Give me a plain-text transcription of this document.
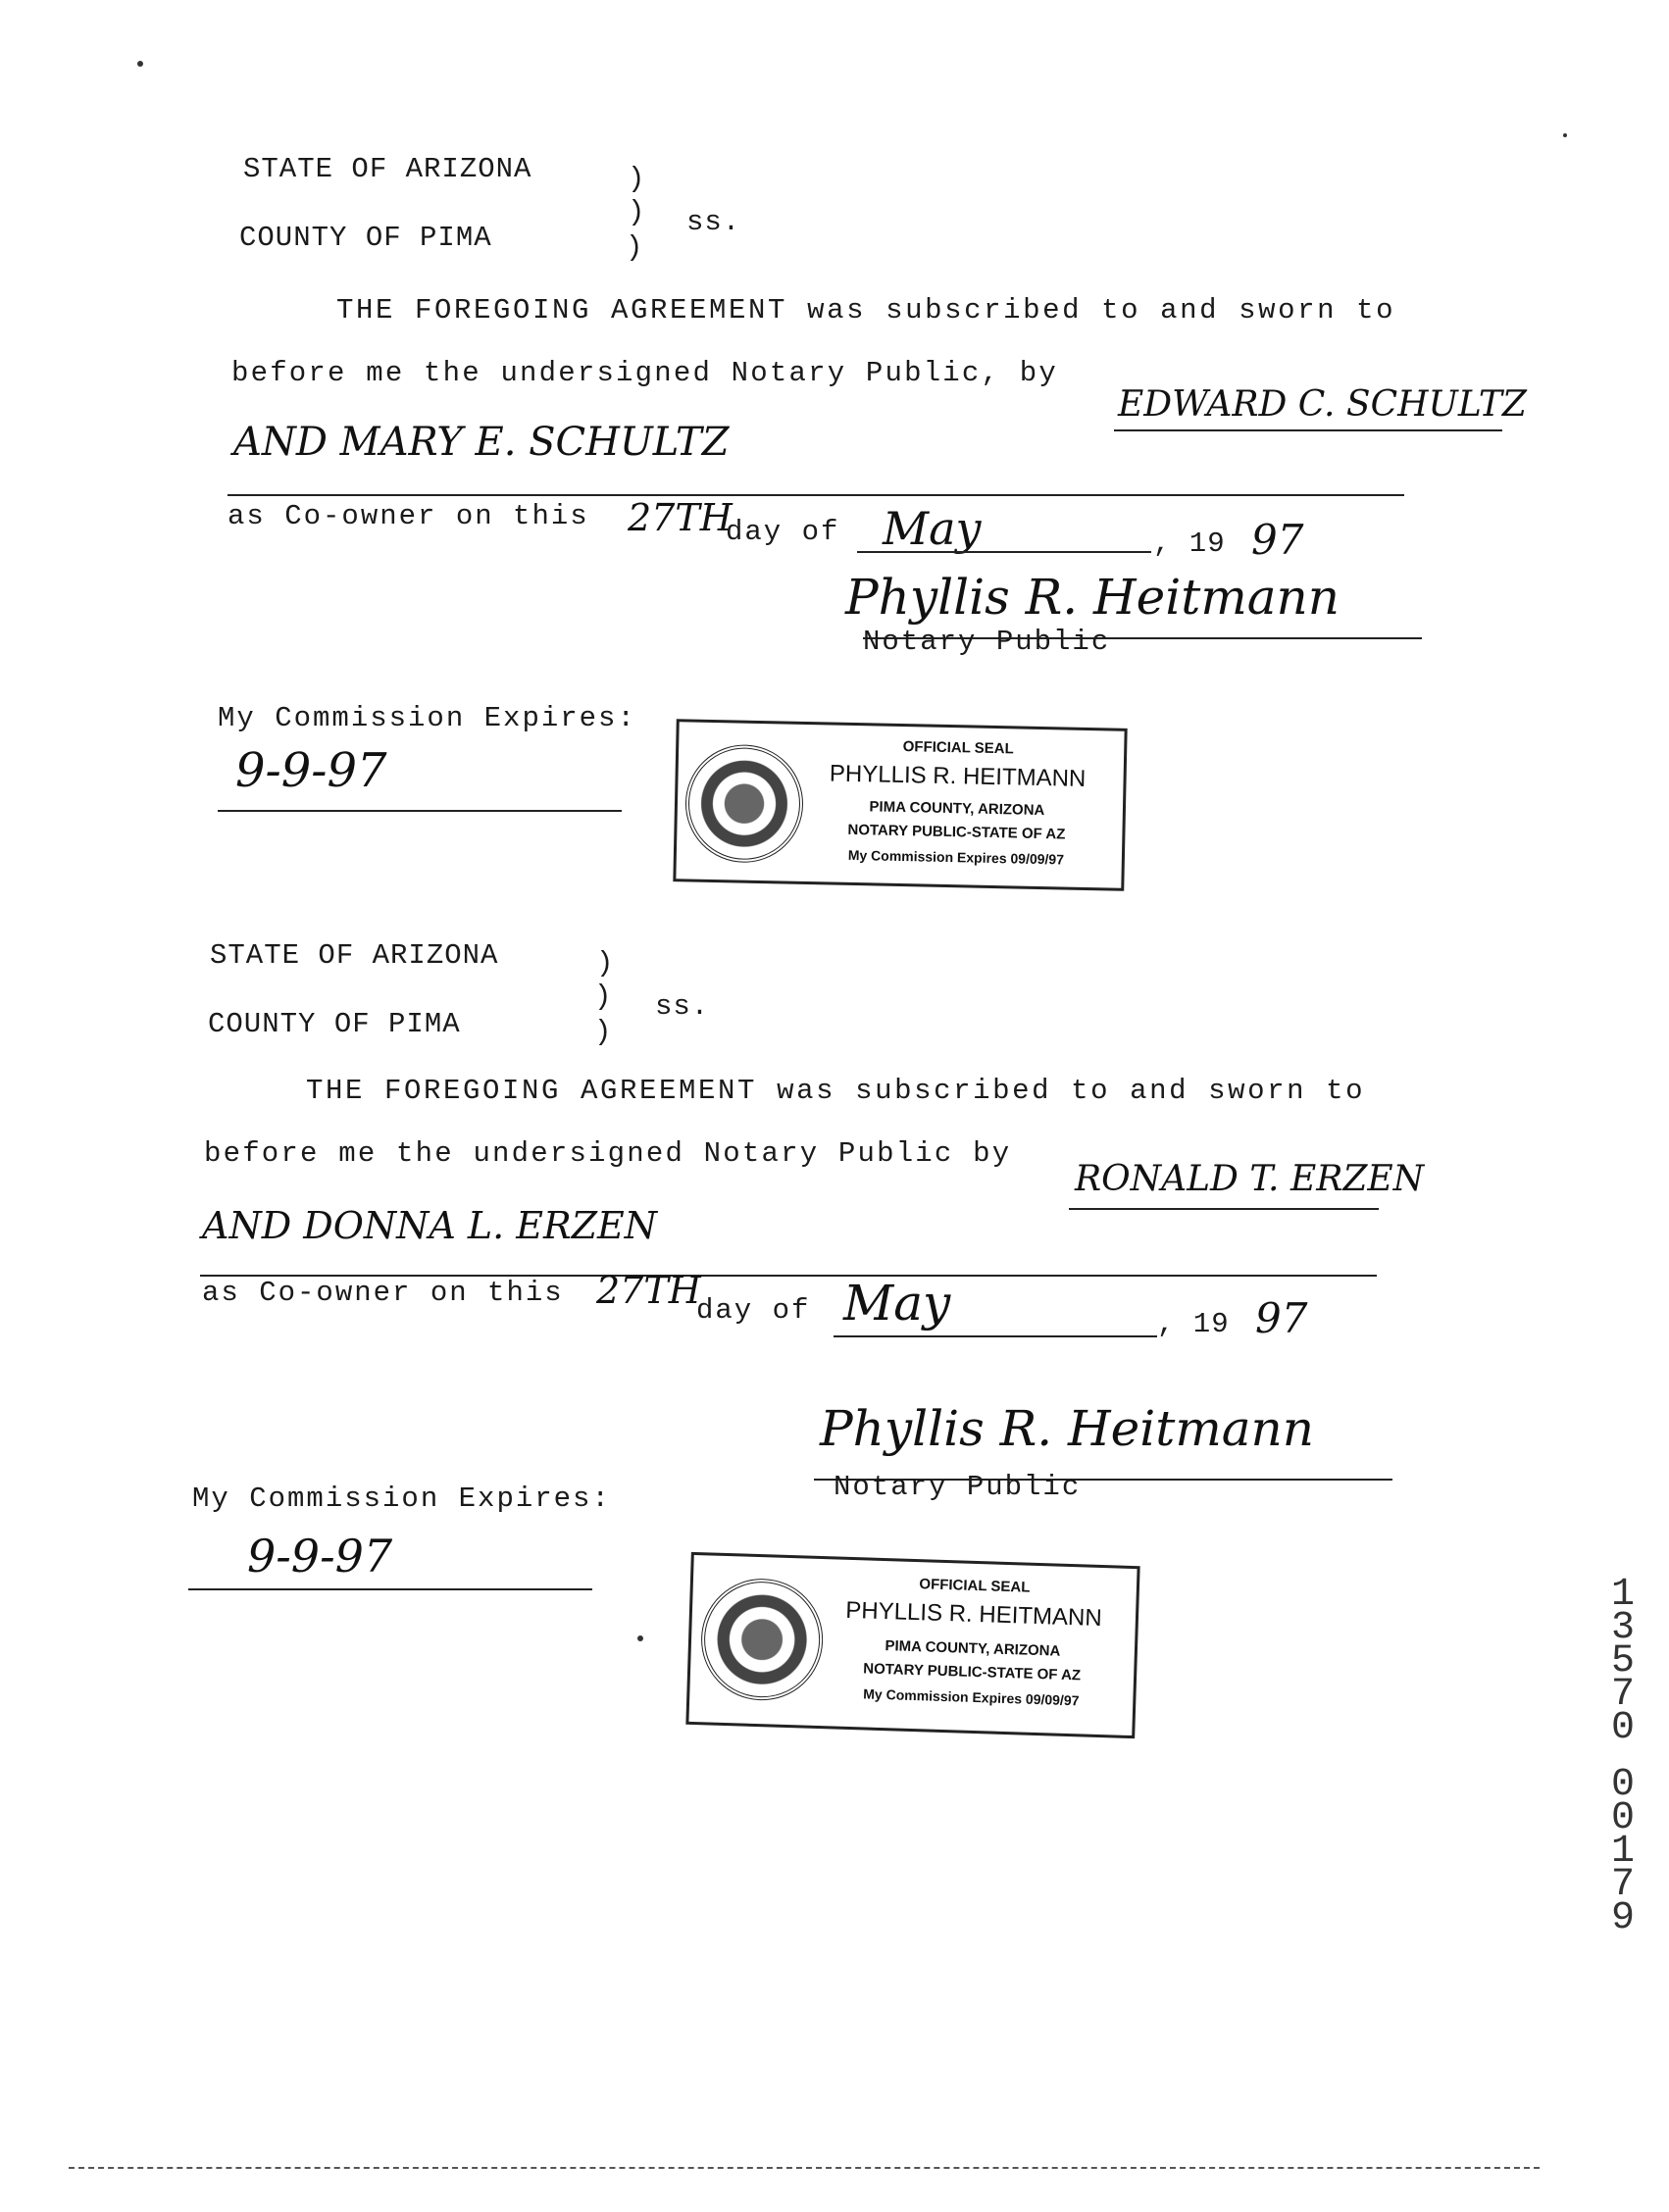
STATE OF ARIZONA	)
COUNTY OF PIMA
)
)
ss.
THE FOREGOING AGREEMENT was subscribed to and sworn to
before me the undersigned Notary Public, by
EDWARD C. SCHULTZ
AND MARY E. SCHULTZ
as Co-owner on this 27TH
day of May	, 19 97
Phyllis R. Heitmann
Notary Public
My Commission Expires:
9-9-97	OFFICIAL SEAL
PHYLLIS R. HEITMANN
PIMA COUNTY, ARIZONA
NOTARY PUBLIC-STATE OF AZ
My Commission Expires 09/09/97
STATE OF ARIZONA	)
COUNTY OF PIMA
)
)
ss.
THE FOREGOING AGREEMENT was subscribed to and sworn to
before me the undersigned Notary Public by
RONALD T. ERZEN
AND DONNA L. ERZEN
as Co-owner on this 27TH
day of May	, 19 97
Phyllis R. Heitmann
Notary Public
My Commission Expires:
9-9-97
OFFICIAL SEAL
PHYLLIS R. HEITMANN
PIMA COUNTY, ARIZONA
NOTARY PUBLIC-STATE OF AZ
My Commission Expires 09/09/97
1
3
5
7
0
0
0
1
7
9
